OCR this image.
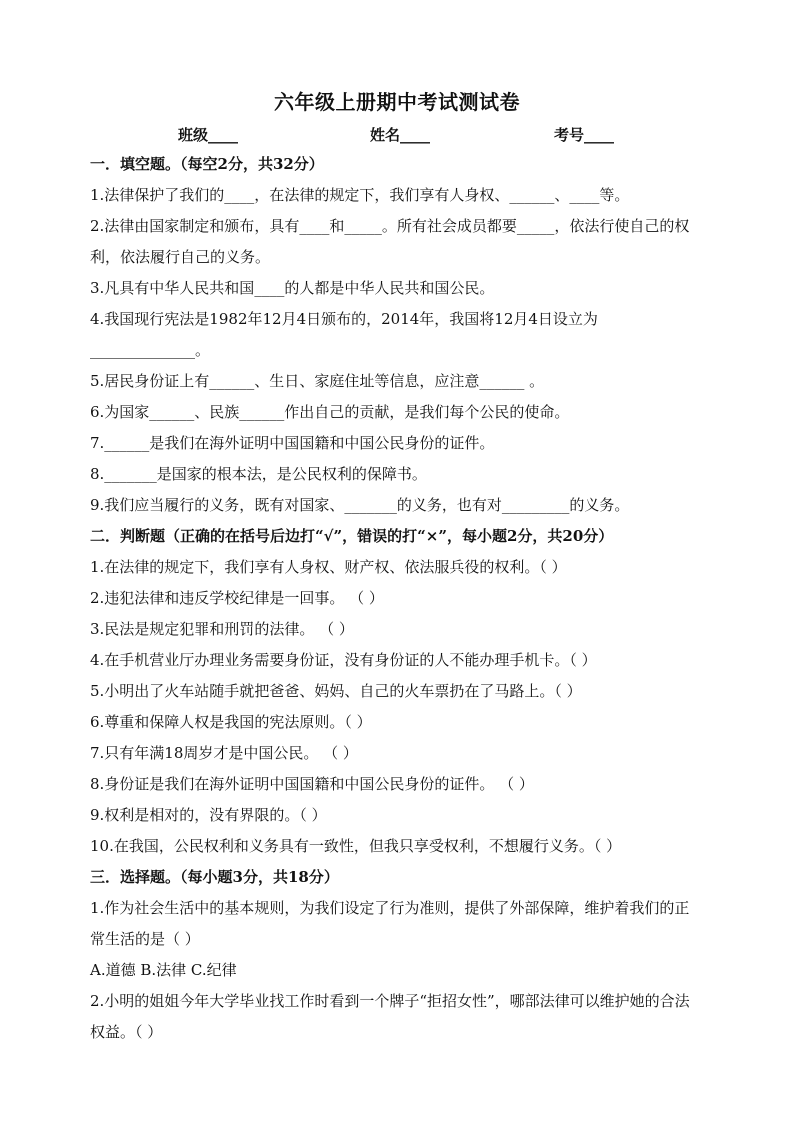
六年级上册期中考试测试卷
班级____	姓名____	考号____
一．填空题。（每空2分，共32分）
1.法律保护了我们的____，在法律的规定下，我们享有人身权、______、____等。
2.法律由国家制定和颁布，具有____和_____。所有社会成员都要_____，依法行使自己的权利，依法履行自己的义务。
3.凡具有中华人民共和国____的人都是中华人民共和国公民。
4.我国现行宪法是1982年12月4日颁布的，2014年，我国将12月4日设立为
______________。
5.居民身份证上有______、生日、家庭住址等信息，应注意______ 。
6.为国家______、民族______作出自己的贡献，是我们每个公民的使命。
7.______是我们在海外证明中国国籍和中国公民身份的证件。
8._______是国家的根本法，是公民权利的保障书。
9.我们应当履行的义务，既有对国家、_______的义务，也有对_________的义务。
二．判断题（正确的在括号后边打“√”，错误的打“×”，每小题2分，共20分）
1.在法律的规定下，我们享有人身权、财产权、依法服兵役的权利。（ ）
2.违犯法律和违反学校纪律是一回事。 （ ）
3.民法是规定犯罪和刑罚的法律。 （ ）
4.在手机营业厅办理业务需要身份证，没有身份证的人不能办理手机卡。（ ）
5.小明出了火车站随手就把爸爸、妈妈、自己的火车票扔在了马路上。（ ）
6.尊重和保障人权是我国的宪法原则。（ ）
7.只有年满18周岁才是中国公民。 （ ）
8.身份证是我们在海外证明中国国籍和中国公民身份的证件。 （ ）
9.权利是相对的，没有界限的。（ ）
10.在我国，公民权利和义务具有一致性，但我只享受权利，不想履行义务。（ ）
三．选择题。（每小题3分，共18分）
1.作为社会生活中的基本规则，为我们设定了行为准则，提供了外部保障，维护着我们的正常生活的是（ ）
A.道德 B.法律 C.纪律
2.小明的姐姐今年大学毕业找工作时看到一个牌子“拒招女性”，哪部法律可以维护她的合法权益。（ ）
